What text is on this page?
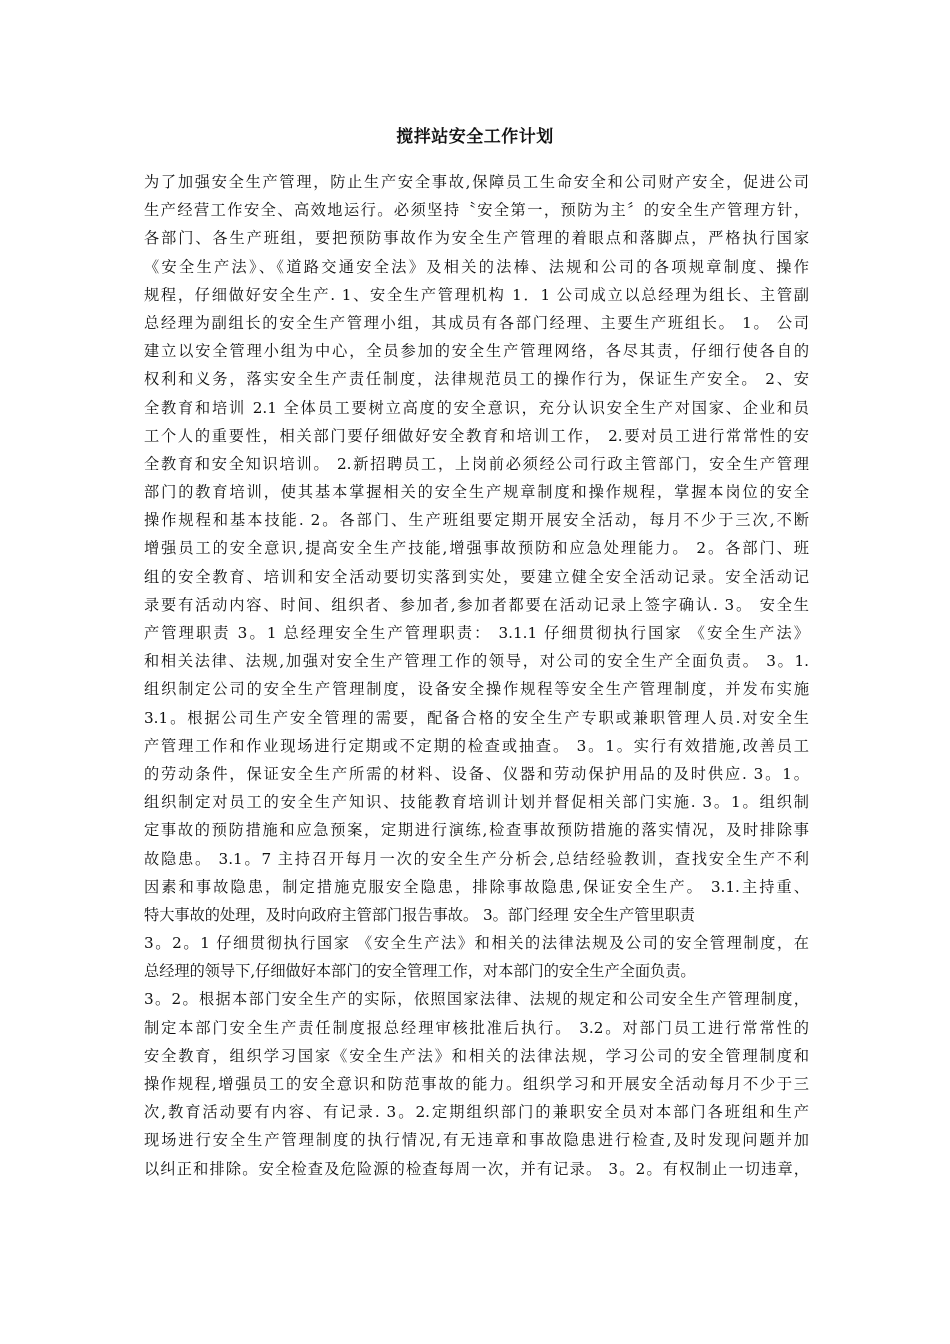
搅拌站安全工作计划
为了加强安全生产管理，防止生产安全事故,保障员工生命安全和公司财产安全，促进公司
生产经营工作安全、高效地运行。必须坚持〝安全第一，预防为主〞的安全生产管理方针，
各部门、各生产班组，要把预防事故作为安全生产管理的着眼点和落脚点，严格执行国家
《安全生产法》、《道路交通安全法》及相关的法棒、法规和公司的各项规章制度、操作
规程，仔细做好安全生产. 1、安全生产管理机构 1．1 公司成立以总经理为组长、主管副
总经理为副组长的安全生产管理小组，其成员有各部门经理、主要生产班组长。 1。 公司
建立以安全管理小组为中心，全员参加的安全生产管理网络，各尽其责，仔细行使各自的
权利和义务，落实安全生产责任制度，法律规范员工的操作行为，保证生产安全。 2、安
全教育和培训 2.1 全体员工要树立高度的安全意识，充分认识安全生产对国家、企业和员
工个人的重要性，相关部门要仔细做好安全教育和培训工作， 2.要对员工进行常常性的安
全教育和安全知识培训。 2.新招聘员工，上岗前必须经公司行政主管部门，安全生产管理
部门的教育培训，使其基本掌握相关的安全生产规章制度和操作规程，掌握本岗位的安全
操作规程和基本技能. 2。各部门、生产班组要定期开展安全活动，每月不少于三次,不断
增强员工的安全意识,提高安全生产技能,增强事故预防和应急处理能力。 2。各部门、班
组的安全教育、培训和安全活动要切实落到实处，要建立健全安全活动记录。安全活动记
录要有活动内容、时间、组织者、参加者,参加者都要在活动记录上签字确认. 3。 安全生
产管理职责 3。1 总经理安全生产管理职责： 3.1.1 仔细贯彻执行国家 《安全生产法》
和相关法律、法规,加强对安全生产管理工作的领导，对公司的安全生产全面负责。 3。1.
组织制定公司的安全生产管理制度，设备安全操作规程等安全生产管理制度，并发布实施
3.1。根据公司生产安全管理的需要，配备合格的安全生产专职或兼职管理人员.对安全生
产管理工作和作业现场进行定期或不定期的检查或抽查。 3。1。实行有效措施,改善员工
的劳动条件，保证安全生产所需的材料、设备、仪器和劳动保护用品的及时供应. 3。1。
组织制定对员工的安全生产知识、技能教育培训计划并督促相关部门实施. 3。1。组织制
定事故的预防措施和应急预案，定期进行演练,检查事故预防措施的落实情况，及时排除事
故隐患。 3.1。7 主持召开每月一次的安全生产分析会,总结经验教训，查找安全生产不利
因素和事故隐患，制定措施克服安全隐患，排除事故隐患,保证安全生产。 3.1.主持重、
特大事故的处理，及时向政府主管部门报告事故。 3。部门经理 安全生产管里职责
3。2。1 仔细贯彻执行国家 《安全生产法》和相关的法律法规及公司的安全管理制度，在
总经理的领导下,仔细做好本部门的安全管理工作，对本部门的安全生产全面负责。
3。2。根据本部门安全生产的实际，依照国家法律、法规的规定和公司安全生产管理制度，
制定本部门安全生产责任制度报总经理审核批准后执行。 3.2。对部门员工进行常常性的
安全教育，组织学习国家《安全生产法》和相关的法律法规，学习公司的安全管理制度和
操作规程,增强员工的安全意识和防范事故的能力。组织学习和开展安全活动每月不少于三
次,教育活动要有内容、有记录. 3。2.定期组织部门的兼职安全员对本部门各班组和生产
现场进行安全生产管理制度的执行情况,有无违章和事故隐患进行检查,及时发现问题并加
以纠正和排除。安全检查及危险源的检查每周一次，并有记录。 3。2。有权制止一切违章，
